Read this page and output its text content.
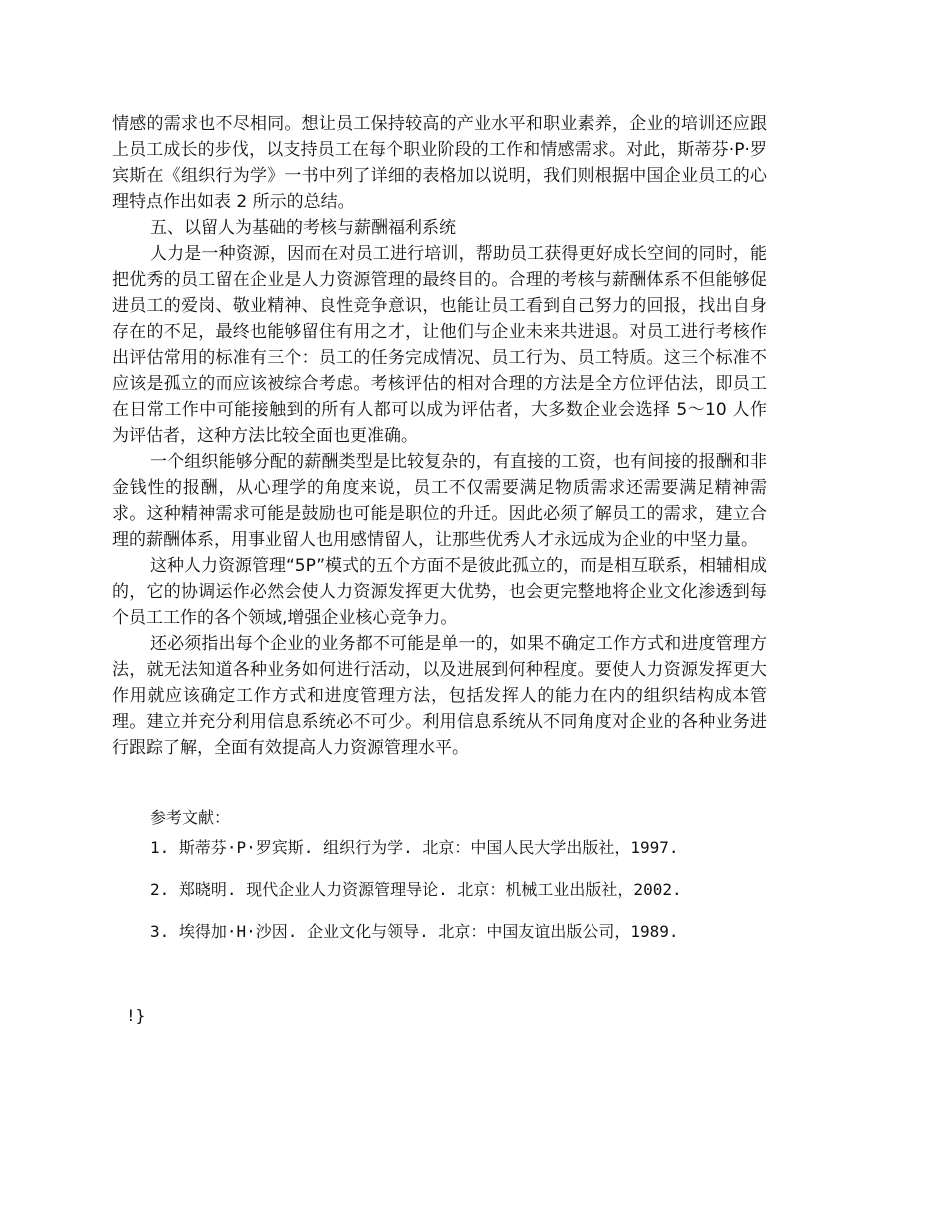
情感的需求也不尽相同。想让员工保持较高的产业水平和职业素养，企业的培训还应跟上员工成长的步伐，以支持员工在每个职业阶段的工作和情感需求。对此，斯蒂芬·P·罗宾斯在《组织行为学》一书中列了详细的表格加以说明，我们则根据中国企业员工的心理特点作出如表 2 所示的总结。

五、以留人为基础的考核与薪酬福利系统

人力是一种资源，因而在对员工进行培训，帮助员工获得更好成长空间的同时，能把优秀的员工留在企业是人力资源管理的最终目的。合理的考核与薪酬体系不但能够促进员工的爱岗、敬业精神、良性竞争意识，也能让员工看到自己努力的回报，找出自身存在的不足，最终也能够留住有用之才，让他们与企业未来共进退。对员工进行考核作出评估常用的标准有三个：员工的任务完成情况、员工行为、员工特质。这三个标准不应该是孤立的而应该被综合考虑。考核评估的相对合理的方法是全方位评估法，即员工在日常工作中可能接触到的所有人都可以成为评估者，大多数企业会选择 5～10 人作为评估者，这种方法比较全面也更准确。

一个组织能够分配的薪酬类型是比较复杂的，有直接的工资，也有间接的报酬和非金钱性的报酬，从心理学的角度来说，员工不仅需要满足物质需求还需要满足精神需求。这种精神需求可能是鼓励也可能是职位的升迁。因此必须了解员工的需求，建立合理的薪酬体系，用事业留人也用感情留人，让那些优秀人才永远成为企业的中坚力量。

这种人力资源管理“5P”模式的五个方面不是彼此孤立的，而是相互联系，相辅相成的，它的协调运作必然会使人力资源发挥更大优势，也会更完整地将企业文化渗透到每个员工工作的各个领域,增强企业核心竞争力。

还必须指出每个企业的业务都不可能是单一的，如果不确定工作方式和进度管理方法，就无法知道各种业务如何进行活动，以及进展到何种程度。要使人力资源发挥更大作用就应该确定工作方式和进度管理方法，包括发挥人的能力在内的组织结构成本管理。建立并充分利用信息系统必不可少。利用信息系统从不同角度对企业的各种业务进行跟踪了解，全面有效提高人力资源管理水平。

参考文献：

1. 斯蒂芬·P·罗宾斯. 组织行为学. 北京：中国人民大学出版社，1997.

2. 郑晓明. 现代企业人力资源管理导论. 北京：机械工业出版社，2002.

3. 埃得加·H·沙因. 企业文化与领导. 北京：中国友谊出版公司，1989.

!}
